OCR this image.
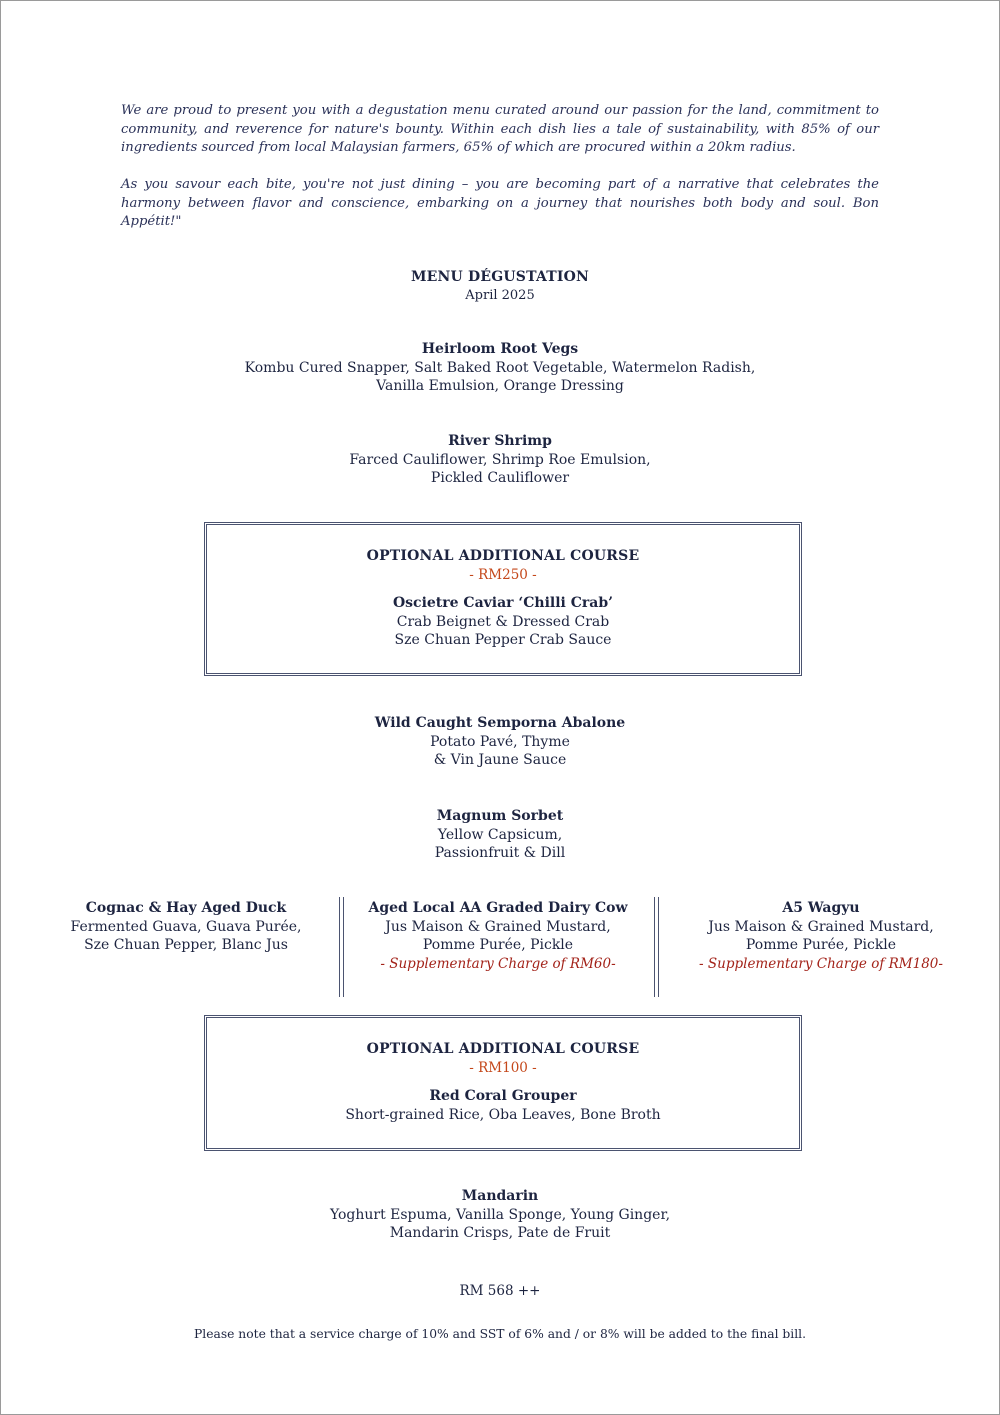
We are proud to present you with a degustation menu curated around our passion for the land, commitment to community, and reverence for nature's bounty. Within each dish lies a tale of sustainability, with 85% of our ingredients sourced from local Malaysian farmers, 65% of which are procured within a 20km radius.

As you savour each bite, you're not just dining – you are becoming part of a narrative that celebrates the harmony between flavor and conscience, embarking on a journey that nourishes both body and soul. Bon Appétit!"

MENU DÉGUSTATION
April 2025
Heirloom Root Vegs
Kombu Cured Snapper, Salt Baked Root Vegetable, Watermelon Radish,
Vanilla Emulsion, Orange Dressing
River Shrimp
Farced Cauliflower, Shrimp Roe Emulsion,
Pickled Cauliflower
OPTIONAL ADDITIONAL COURSE
- RM250 -
Oscietre Caviar ‘Chilli Crab’
Crab Beignet & Dressed Crab
Sze Chuan Pepper Crab Sauce
Wild Caught Semporna Abalone
Potato Pavé, Thyme
& Vin Jaune Sauce
Magnum Sorbet
Yellow Capsicum,
Passionfruit & Dill
Cognac & Hay Aged Duck
Fermented Guava, Guava Purée,
Sze Chuan Pepper, Blanc Jus
Aged Local AA Graded Dairy Cow
Jus Maison & Grained Mustard,
Pomme Purée, Pickle
- Supplementary Charge of RM60-
A5 Wagyu
Jus Maison & Grained Mustard,
Pomme Purée, Pickle
- Supplementary Charge of RM180-
OPTIONAL ADDITIONAL COURSE
- RM100 -
Red Coral Grouper
Short-grained Rice, Oba Leaves, Bone Broth
Mandarin
Yoghurt Espuma, Vanilla Sponge, Young Ginger,
Mandarin Crisps, Pate de Fruit
RM 568 ++
Please note that a service charge of 10% and SST of 6% and / or 8% will be added to the final bill.
